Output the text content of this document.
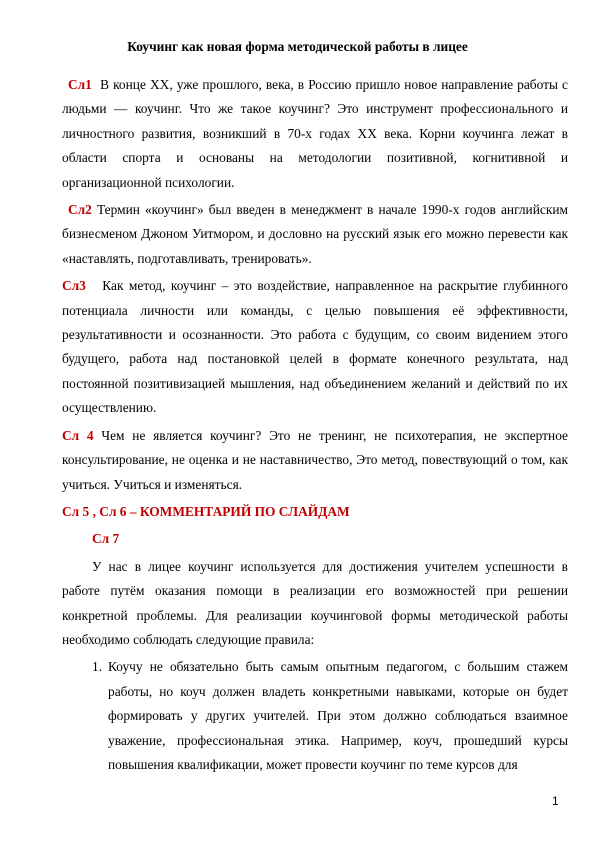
Коучинг как новая форма методической работы в лицее

Сл1 В конце XX, уже прошлого, века, в Россию пришло новое направление работы с людьми — коучинг. Что же такое коучинг? Это инструмент профессионального и личностного развития, возникший в 70-х годах XX века. Корни коучинга лежат в области спорта и основаны на методологии позитивной, когнитивной и организационной психологии.

Сл2 Термин «коучинг» был введен в менеджмент в начале 1990-х годов английским бизнесменом Джоном Уитмором, и дословно на русский язык его можно перевести как «наставлять, подготавливать, тренировать».

Сл3 Как метод, коучинг – это воздействие, направленное на раскрытие глубинного потенциала личности или команды, с целью повышения её эффективности, результативности и осознанности. Это работа с будущим, со своим видением этого будущего, работа над постановкой целей в формате конечного результата, над постоянной позитивизацией мышления, над объединением желаний и действий по их осуществлению.

Сл 4 Чем не является коучинг? Это не тренинг, не психотерапия, не экспертное консультирование, не оценка и не наставничество, Это метод, повествующий о том, как учиться. Учиться и изменяться.

Сл 5 , Сл 6 – КОММЕНТАРИЙ ПО СЛАЙДАМ

Сл 7

У нас в лицее коучинг используется для достижения учителем успешности в работе путём оказания помощи в реализации его возможностей при решении конкретной проблемы. Для реализации коучинговой формы методической работы необходимо соблюдать следующие правила:

1. Коучу не обязательно быть самым опытным педагогом, с большим стажем работы, но коуч должен владеть конкретными навыками, которые он будет формировать у других учителей. При этом должно соблюдаться взаимное уважение, профессиональная этика. Например, коуч, прошедший курсы повышения квалификации, может провести коучинг по теме курсов для

1
